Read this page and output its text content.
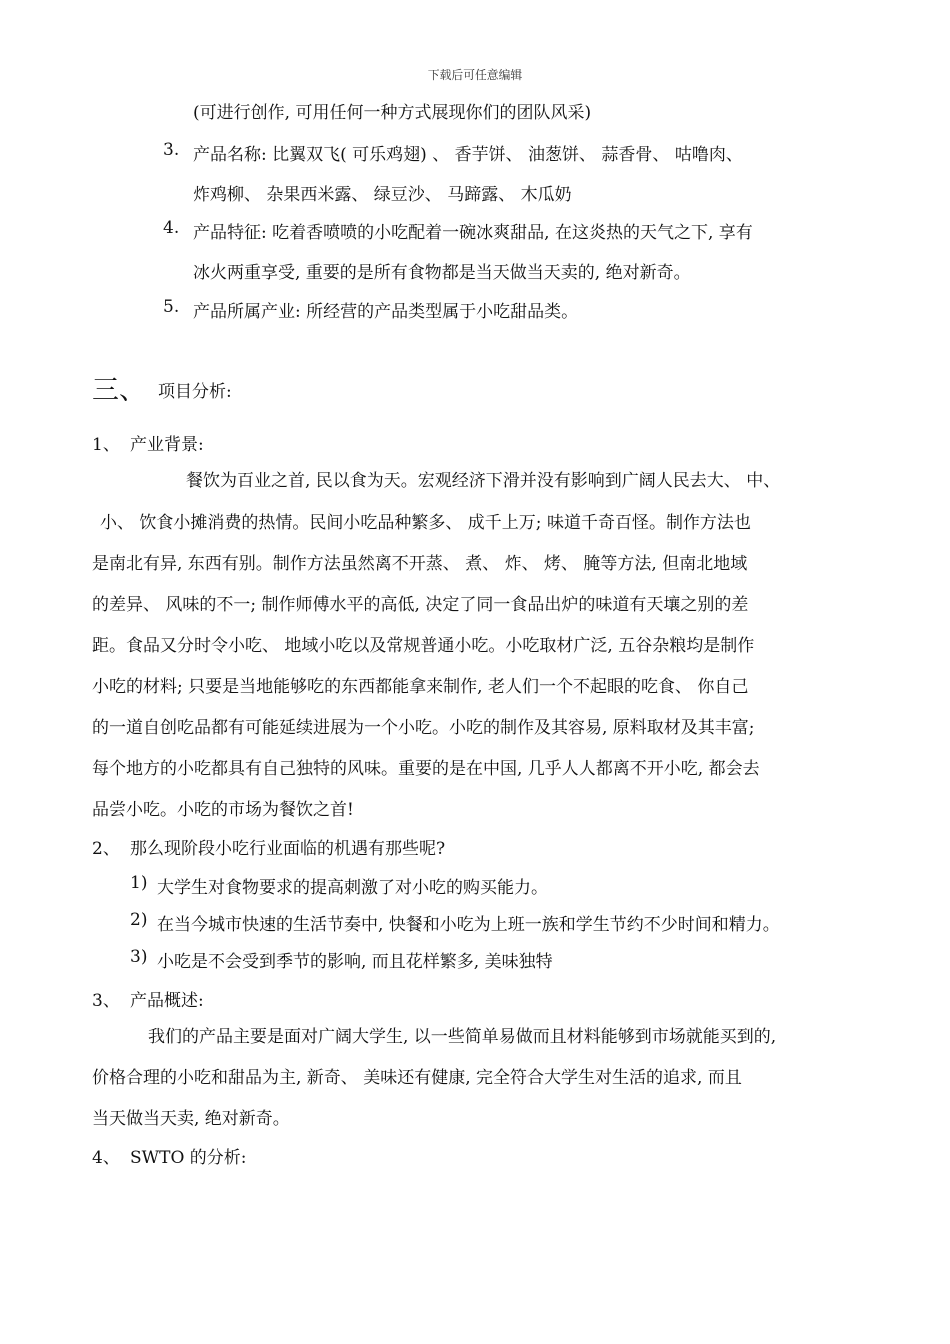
下载后可任意编辑
(可进行创作, 可用任何一种方式展现你们的团队风采)
3. 产品名称: 比翼双飞( 可乐鸡翅) 、 香芋饼、 油葱饼、 蒜香骨、 咕噜肉、
炸鸡柳、 杂果西米露、 绿豆沙、 马蹄露、 木瓜奶
4. 产品特征: 吃着香喷喷的小吃配着一碗冰爽甜品, 在这炎热的天气之下, 享有
冰火两重享受, 重要的是所有食物都是当天做当天卖的, 绝对新奇。
5. 产品所属产业: 所经营的产品类型属于小吃甜品类。
三、 项目分析:
1、 产业背景:
餐饮为百业之首, 民以食为天。宏观经济下滑并没有影响到广阔人民去大、 中、
小、 饮食小摊消费的热情。民间小吃品种繁多、 成千上万; 味道千奇百怪。制作方法也
是南北有异, 东西有别。制作方法虽然离不开蒸、 煮、 炸、 烤、 腌等方法, 但南北地域
的差异、 风味的不一; 制作师傅水平的高低, 决定了同一食品出炉的味道有天壤之别的差
距。食品又分时令小吃、 地域小吃以及常规普通小吃。小吃取材广泛, 五谷杂粮均是制作
小吃的材料; 只要是当地能够吃的东西都能拿来制作, 老人们一个不起眼的吃食、 你自己
的一道自创吃品都有可能延续进展为一个小吃。小吃的制作及其容易, 原料取材及其丰富;
每个地方的小吃都具有自己独特的风味。重要的是在中国, 几乎人人都离不开小吃, 都会去
品尝小吃。小吃的市场为餐饮之首!
2、 那么现阶段小吃行业面临的机遇有那些呢?
1) 大学生对食物要求的提高刺激了对小吃的购买能力。
2) 在当今城市快速的生活节奏中, 快餐和小吃为上班一族和学生节约不少时间和精力。
3) 小吃是不会受到季节的影响, 而且花样繁多, 美味独特
3、 产品概述:
我们的产品主要是面对广阔大学生, 以一些简单易做而且材料能够到市场就能买到的,
价格合理的小吃和甜品为主, 新奇、 美味还有健康, 完全符合大学生对生活的追求, 而且
当天做当天卖, 绝对新奇。
4、 SWTO 的分析:
